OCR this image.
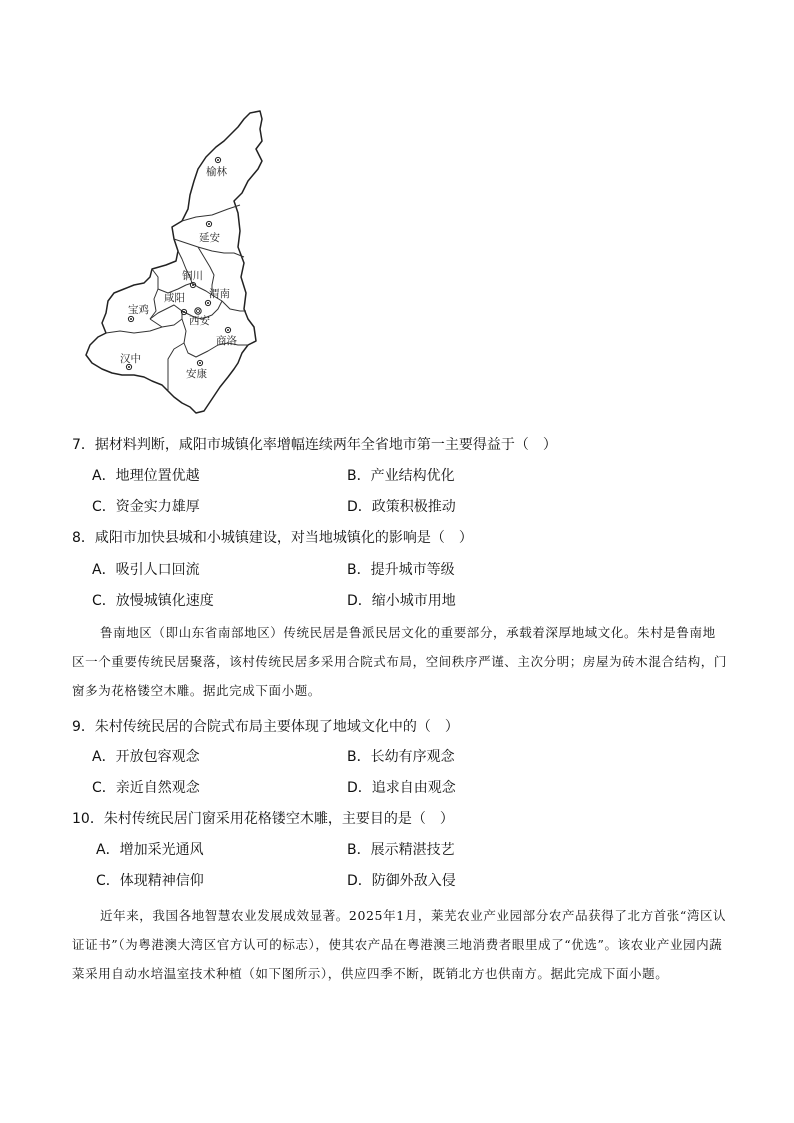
榆林
延安
铜川
渭南
咸阳
宝鸡
西安
商洛
汉中
安康
7．据材料判断，咸阳市城镇化率增幅连续两年全省地市第一主要得益于（　）
A．地理位置优越	B．产业结构优化
C．资金实力雄厚	D．政策积极推动
8．咸阳市加快县城和小城镇建设，对当地城镇化的影响是（　）
A．吸引人口回流	B．提升城市等级
C．放慢城镇化速度	D．缩小城市用地

鲁南地区（即山东省南部地区）传统民居是鲁派民居文化的重要部分，承载着深厚地域文化。朱村是鲁南地区一个重要传统民居聚落，该村传统民居多采用合院式布局，空间秩序严谨、主次分明；房屋为砖木混合结构，门窗多为花格镂空木雕。据此完成下面小题。

9．朱村传统民居的合院式布局主要体现了地域文化中的（　）
A．开放包容观念	B．长幼有序观念
C．亲近自然观念	D．追求自由观念
10．朱村传统民居门窗采用花格镂空木雕，主要目的是（　）
A．增加采光通风	B．展示精湛技艺
C．体现精神信仰	D．防御外敌入侵

近年来，我国各地智慧农业发展成效显著。2025年1月，莱芜农业产业园部分农产品获得了北方首张“湾区认证证书”（为粤港澳大湾区官方认可的标志），使其农产品在粤港澳三地消费者眼里成了“优选”。该农业产业园内蔬菜采用自动水培温室技术种植（如下图所示），供应四季不断，既销北方也供南方。据此完成下面小题。
